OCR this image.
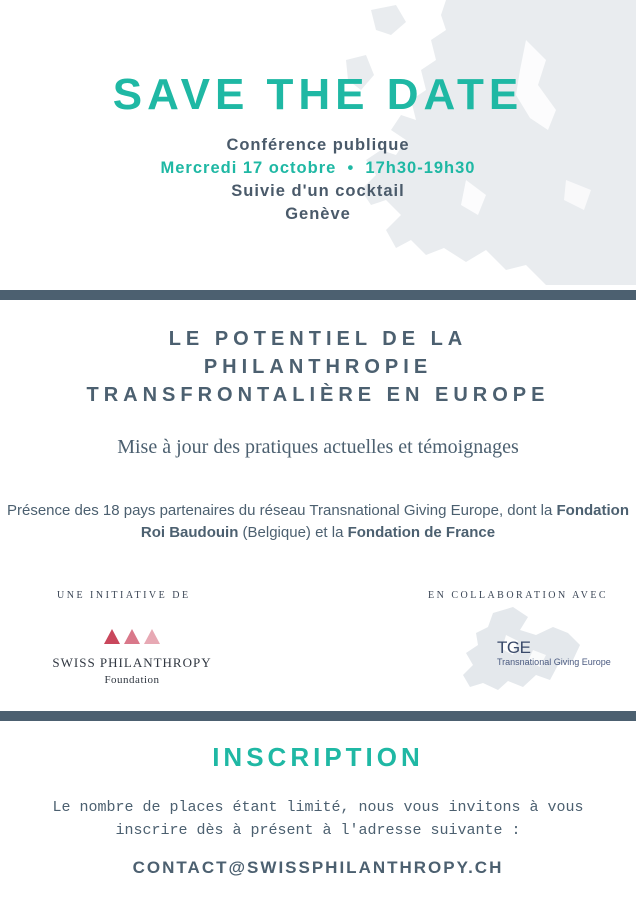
SAVE THE DATE
Conférence publique
Mercredi 17 octobre  •  17h30-19h30
Suivie d'un cocktail
Genève
LE POTENTIEL DE LA
PHILANTHROPIE
TRANSFRONTALIÈRE EN EUROPE
Mise à jour des pratiques actuelles et témoignages
Présence des 18 pays partenaires du réseau Transnational Giving Europe, dont la Fondation Roi Baudouin (Belgique) et la Fondation de France
UNE INITIATIVE DE	EN COLLABORATION AVEC
SWISS PHILANTHROPY
Foundation
TGE
Transnational Giving Europe
INSCRIPTION
Le nombre de places étant limité, nous vous invitons à vous
inscrire dès à présent à l'adresse suivante :
CONTACT@SWISSPHILANTHROPY.CH
